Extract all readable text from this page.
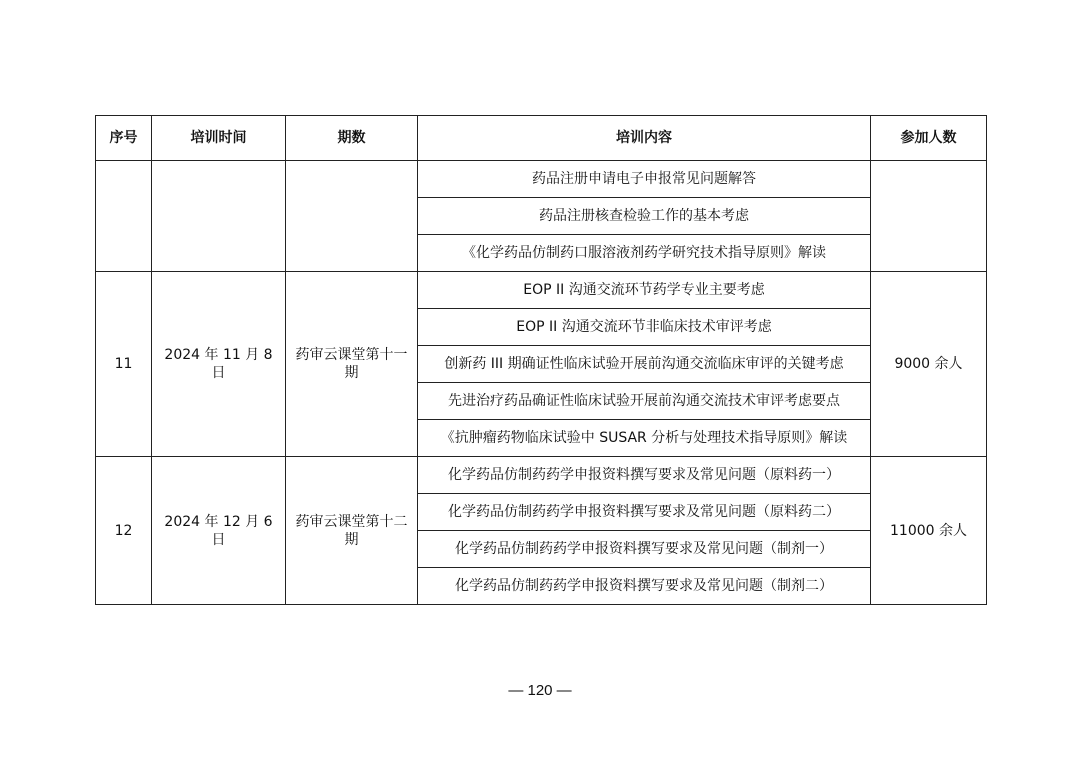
序号	培训时间	期数	培训内容	参加人数
			药品注册申请电子申报常见问题解答	
			药品注册核查检验工作的基本考虑	
			《化学药品仿制药口服溶液剂药学研究技术指导原则》解读	
11	2024 年 11 月 8 日	药审云课堂第十一期	EOP II 沟通交流环节药学专业主要考虑	9000 余人
			EOP II 沟通交流环节非临床技术审评考虑	
			创新药 III 期确证性临床试验开展前沟通交流临床审评的关键考虑	
			先进治疗药品确证性临床试验开展前沟通交流技术审评考虑要点	
			《抗肿瘤药物临床试验中 SUSAR 分析与处理技术指导原则》解读	
12	2024 年 12 月 6 日	药审云课堂第十二期	化学药品仿制药药学申报资料撰写要求及常见问题（原料药一）	11000 余人
			化学药品仿制药药学申报资料撰写要求及常见问题（原料药二）	
			化学药品仿制药药学申报资料撰写要求及常见问题（制剂一）	
			化学药品仿制药药学申报资料撰写要求及常见问题（制剂二）	
— 120 —
